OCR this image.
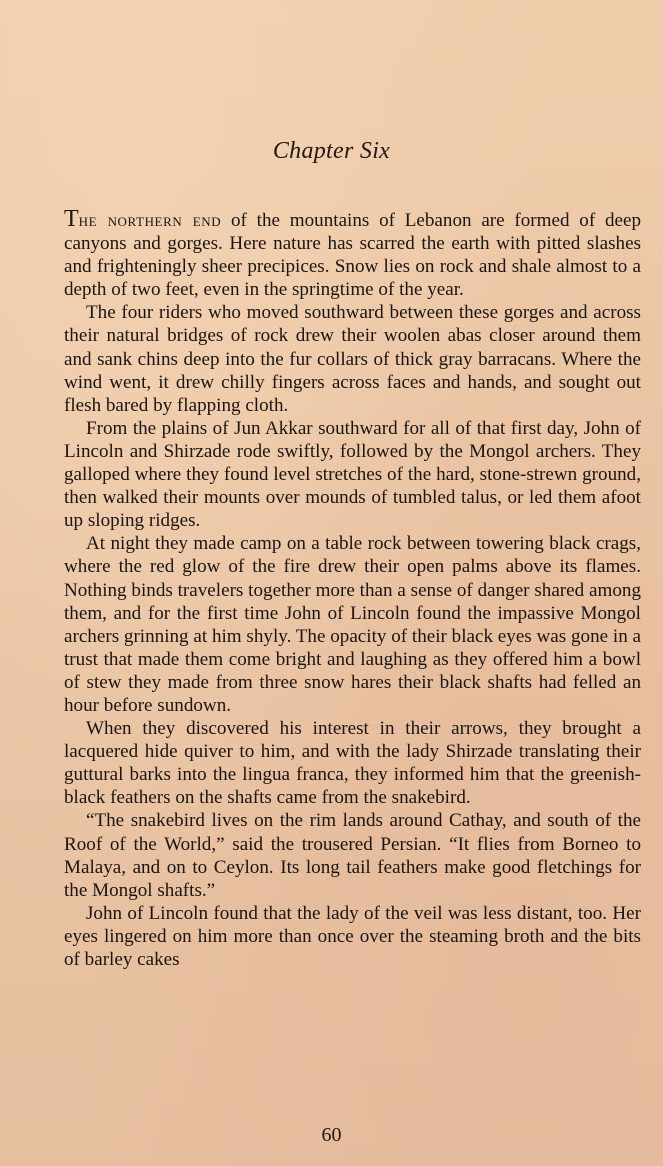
Chapter Six

The northern end of the mountains of Lebanon are formed of deep canyons and gorges. Here nature has scarred the earth with pitted slashes and frighteningly sheer precipices. Snow lies on rock and shale almost to a depth of two feet, even in the springtime of the year.

The four riders who moved southward between these gorges and across their natural bridges of rock drew their woolen abas closer around them and sank chins deep into the fur collars of thick gray barracans. Where the wind went, it drew chilly fingers across faces and hands, and sought out flesh bared by flapping cloth.

From the plains of Jun Akkar southward for all of that first day, John of Lincoln and Shirzade rode swiftly, followed by the Mongol archers. They galloped where they found level stretches of the hard, stone-strewn ground, then walked their mounts over mounds of tumbled talus, or led them afoot up sloping ridges.

At night they made camp on a table rock between towering black crags, where the red glow of the fire drew their open palms above its flames. Nothing binds travelers together more than a sense of danger shared among them, and for the first time John of Lincoln found the impassive Mongol archers grinning at him shyly. The opacity of their black eyes was gone in a trust that made them come bright and laughing as they offered him a bowl of stew they made from three snow hares their black shafts had felled an hour before sundown.

When they discovered his interest in their arrows, they brought a lacquered hide quiver to him, and with the lady Shirzade translating their guttural barks into the lingua franca, they informed him that the greenish-black feathers on the shafts came from the snakebird.

“The snakebird lives on the rim lands around Cathay, and south of the Roof of the World,” said the trousered Persian. “It flies from Borneo to Malaya, and on to Ceylon. Its long tail feathers make good fletchings for the Mongol shafts.”

John of Lincoln found that the lady of the veil was less distant, too. Her eyes lingered on him more than once over the steaming broth and the bits of barley cakes

60
